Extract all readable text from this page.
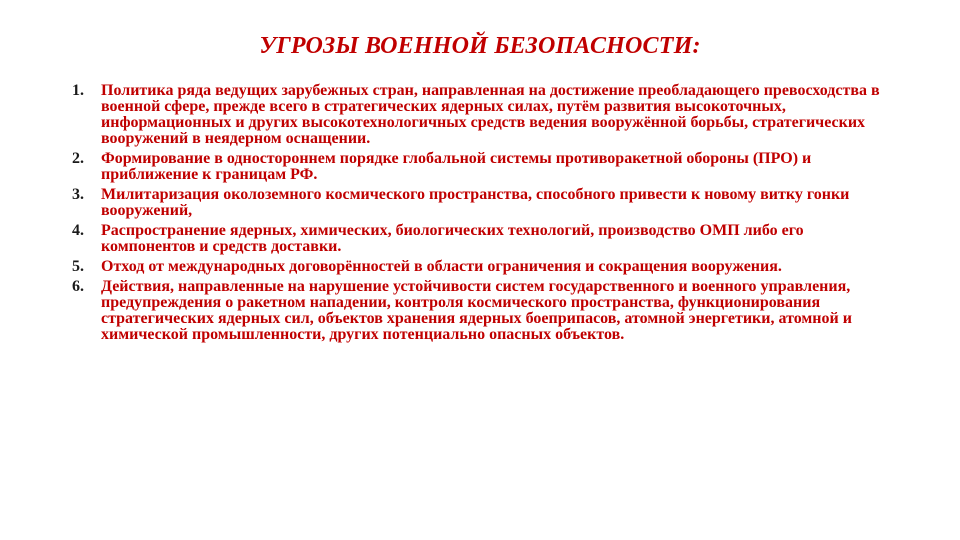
УГРОЗЫ ВОЕННОЙ БЕЗОПАСНОСТИ:
1. Политика ряда ведущих зарубежных стран, направленная на достижение преобладающего превосходства в военной сфере, прежде всего в стратегических ядерных силах, путём развития высокоточных, информационных и других высокотехнологичных средств ведения вооружённой борьбы, стратегических вооружений в неядерном оснащении.
2. Формирование в одностороннем порядке глобальной системы противоракетной обороны (ПРО) и приближение к границам РФ.
3. Милитаризация околоземного космического пространства, способного привести к новому витку гонки вооружений,
4. Распространение ядерных, химических, биологических технологий, производство ОМП либо его компонентов и средств доставки.
5. Отход от международных договорённостей в области ограничения и сокращения вооружения.
6. Действия, направленные на нарушение устойчивости систем государственного и военного управления, предупреждения о ракетном нападении, контроля космического пространства, функционирования стратегических ядерных сил, объектов хранения ядерных боеприпасов, атомной энергетики, атомной и химической промышленности, других потенциально опасных объектов.
